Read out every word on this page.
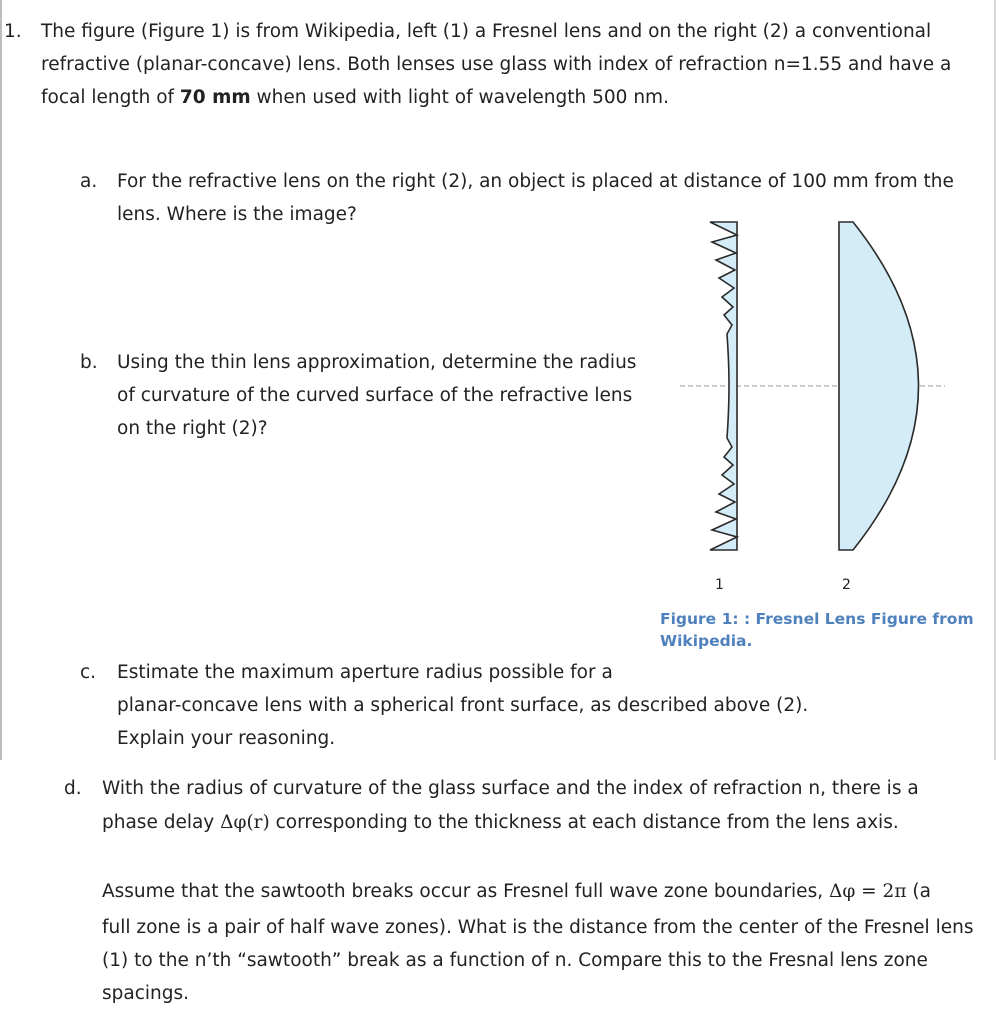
1. The figure (Figure 1) is from Wikipedia, left (1) a Fresnel lens and on the right (2) a conventional
refractive (planar-concave) lens. Both lenses use glass with index of refraction n=1.55 and have a
focal length of 70 mm when used with light of wavelength 500 nm.
a. For the refractive lens on the right (2), an object is placed at distance of 100 mm from the
lens. Where is the image?
b. Using the thin lens approximation, determine the radius
of curvature of the curved surface of the refractive lens
on the right (2)?
1	2
Figure 1: : Fresnel Lens Figure from
Wikipedia.
c. Estimate the maximum aperture radius possible for a
planar-concave lens with a spherical front surface, as described above (2).
Explain your reasoning.
d. With the radius of curvature of the glass surface and the index of refraction n, there is a
phase delay Δφ(r) corresponding to the thickness at each distance from the lens axis.
Assume that the sawtooth breaks occur as Fresnel full wave zone boundaries, Δφ = 2π (a
full zone is a pair of half wave zones). What is the distance from the center of the Fresnel lens
(1) to the n’th “sawtooth” break as a function of n. Compare this to the Fresnal lens zone
spacings.
